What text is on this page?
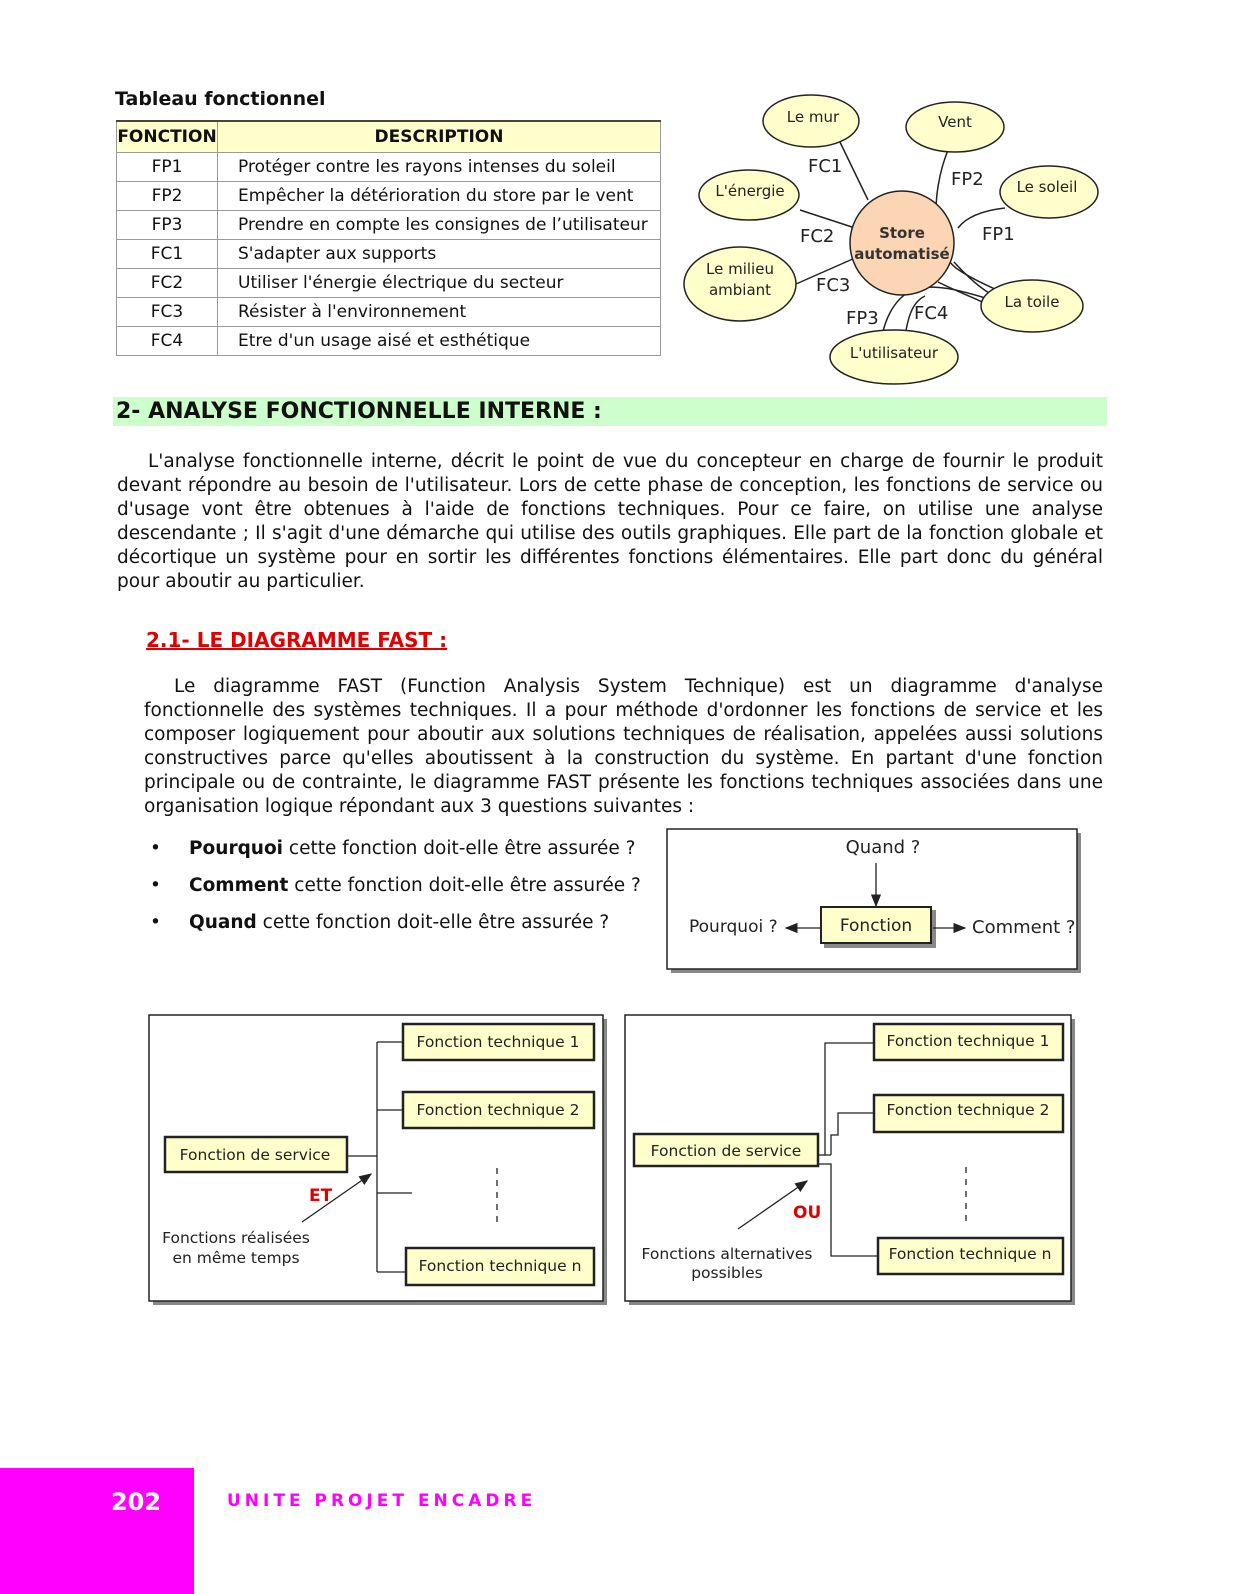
Tableau fonctionnel
FONCTION	DESCRIPTION
FP1	Protéger contre les rayons intenses du soleil
FP2	Empêcher la détérioration du store par le vent
FP3	Prendre en compte les consignes de l’utilisateur
FC1	S'adapter aux supports
FC2	Utiliser l'énergie électrique du secteur
FC3	Résister à l'environnement
FC4	Etre d'un usage aisé et esthétique
Store
automatisé
Le mur	Vent
L'énergie	Le soleil
Le milieu
ambiant
La toile
L'utilisateur
FC1
FP2
FC2	FP1
FC3
FP3 FC4
2- ANALYSE FONCTIONNELLE INTERNE :
L'analyse fonctionnelle interne, décrit le point de vue du concepteur en charge de fournir le produit devant répondre au besoin de l'utilisateur. Lors de cette phase de conception, les fonctions de service ou d'usage vont être obtenues à l'aide de fonctions techniques. Pour ce faire, on utilise une analyse descendante ; Il s'agit d'une démarche qui utilise des outils graphiques. Elle part de la fonction globale et décortique un système pour en sortir les différentes fonctions élémentaires. Elle part donc du général pour aboutir au particulier.
2.1- LE DIAGRAMME FAST :
Le diagramme FAST (Function Analysis System Technique) est un diagramme d'analyse fonctionnelle des systèmes techniques. Il a pour méthode d'ordonner les fonctions de service et les composer logiquement pour aboutir aux solutions techniques de réalisation, appelées aussi solutions constructives parce qu'elles aboutissent à la construction du système. En partant d'une fonction principale ou de contrainte, le diagramme FAST présente les fonctions techniques associées dans une organisation logique répondant aux 3 questions suivantes :
• Pourquoi cette fonction doit-elle être assurée ?
• Comment cette fonction doit-elle être assurée ?
• Quand cette fonction doit-elle être assurée ?
Quand ?
Fonction
Pourquoi ?	Comment ?
Fonction de service
Fonction technique 1
Fonction technique 2
Fonction technique n
Fonctions réalisées
en même temps
ET
Fonction de service
Fonction technique 1
Fonction technique 2
Fonction technique n
Fonctions alternatives
possibles
OU
202	UNITE PROJET ENCADRE
